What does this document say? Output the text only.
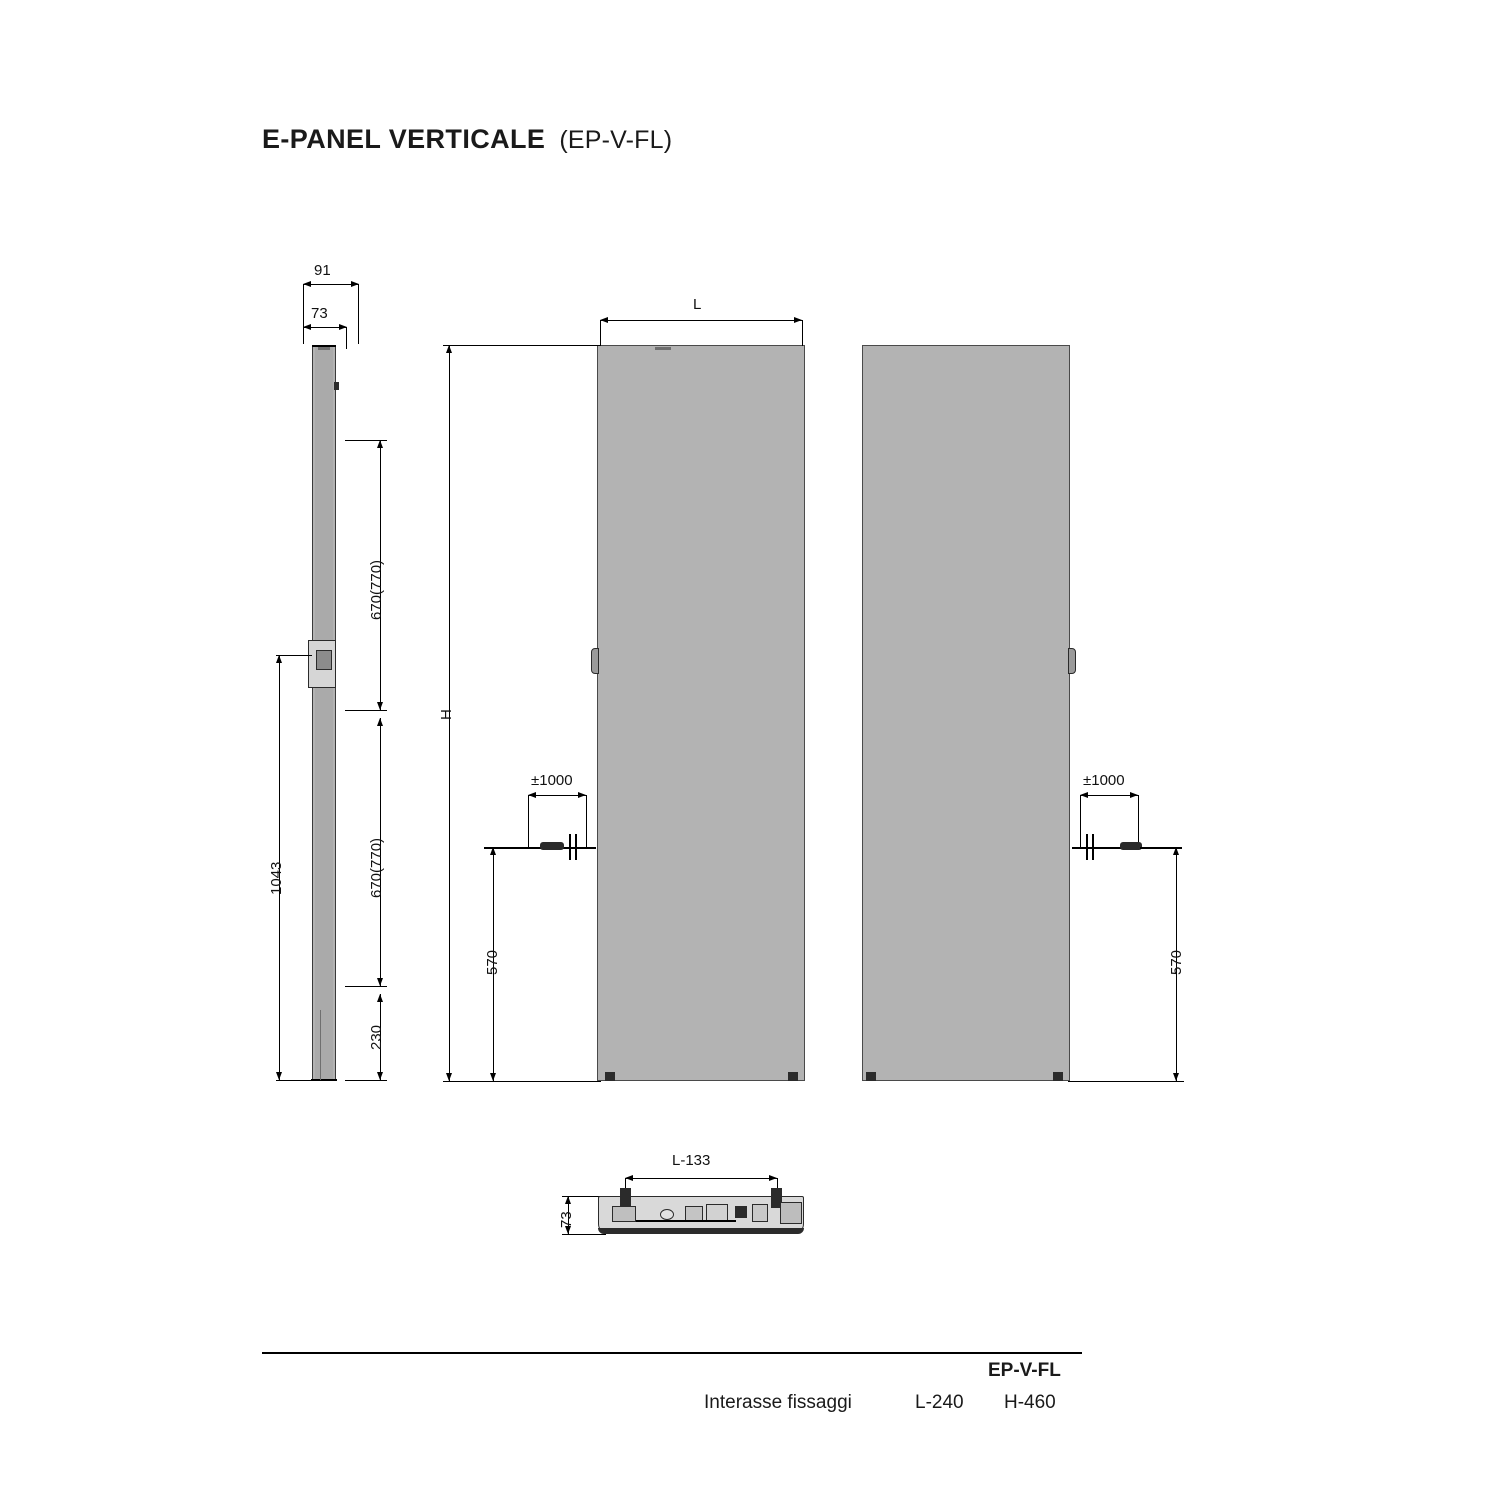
E-PANEL VERTICALE (EP-V-FL)
91
73
670(770)
670(770)
230
1043
L
H
±1000
570
±1000
570
L-133
73
EP-V-FL
Interasse fissaggi	L-240 H-460
